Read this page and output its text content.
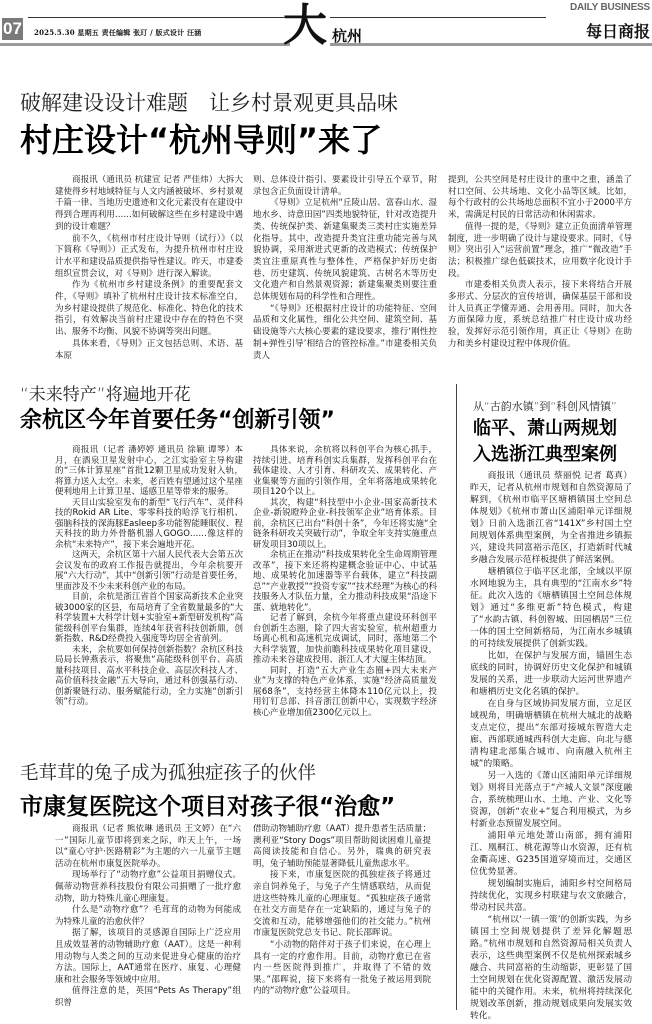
07 2025.5.30 星期五 责任编辑 张玎 / 版式设计 汪涵 大 杭州
DAILY BUSINESS
每日商报
破解建设设计难题　让乡村景观更具品味
村庄设计“杭州导则”来了

商报讯（通讯员 杭建宣 记者 严佳炜）大拆大建使得乡村地域特征与人文内涵被破坏、乡村景观千篇一律、当地历史遗迹和文化元素没有在建设中得到合理再利用……如何破解这些在乡村建设中遇到的设计难题？

前不久，《杭州市村庄设计导则（试行）》（以下简称《导则》）正式发布，为提升杭州市村庄设计水平和建设品质提供指导性建议。昨天，市建委组织宣贯会议，对《导则》进行深入解读。

作为《杭州市乡村建设条例》的重要配套文件，《导则》填补了杭州村庄设计技术标准空白，为乡村建设提供了规范化、标准化、特色化的技术指引，有效解决当前村庄建设中存在的特色不突出、服务不均衡、风貌不协调等突出问题。

具体来看，《导则》正文包括总则、术语、基本原

则、总体设计指引、要素设计引导五个章节，附录包含正负面设计清单。

《导则》立足杭州“丘陵山居、富春山水、湿地水乡、诗意田园”四类地貌特征，针对改造提升类、传统保护类、新建集聚类三类村庄实施差异化指导。其中，改造提升类宜注重功能完善与风貌协调，采用渐进式更新的改造模式；传统保护类宜注重原真性与整体性，严格保护好历史街巷、历史建筑、传统风貌建筑、古树名木等历史文化遗产和自然景观资源；新建集聚类则要注重总体规划布局的科学性和合理性。

“《导则》还根据村庄设计的功能特征、空间品质和文化属性，细化公共空间、建筑空间、基础设施等六大核心要素的建设要求，推行‘刚性控制+弹性引导’相结合的管控标准。”市建委相关负责人

提到，公共空间是村庄设计的重中之重，涵盖了村口空间、公共场地、文化小品等区域。比如，每个行政村的公共场地总面积不宜小于2000平方米，需满足村民的日常活动和休闲需求。

值得一提的是，《导则》建立正负面清单管理制度，进一步明确了设计与建设要求。同时，《导则》突出引入“运营前置”理念，推广“微改造”手法；积极推广绿色低碳技术，应用数字化设计手段。

市建委相关负责人表示，接下来将结合开展多形式、分层次的宣传培训，确保基层干部和设计人员真正学懂弄通、会用善用。同时，加大各方面保障力度，系统总结推广村庄设计成功经验，发挥好示范引领作用，真正让《导则》在助力和美乡村建设过程中体现价值。

“未来特产”将遍地开花
余杭区今年首要任务“创新引领”

商报讯（记者 潘婷婷 通讯员 徐颖 谭琴）本月，在酒泉卫星发射中心，之江实验室主导构建的“三体计算星座”首批12颗卫星成功发射入轨，将算力送入太空。未来，老百姓有望通过这个星座便利地用上计算卫星、遥感卫星等带来的服务。

天目山实验室发布的新型“飞行汽车”、灵伴科技的Rokid AR Lite、零零科技的哈浮飞行相机、强脑科技的深海豚Easleep多功能智能睡眠仪、程天科技的助力外骨骼机器人GOGO……像这样的余杭“未来特产”，接下来会遍地开花。

这两天，余杭区第十六届人民代表大会第五次会议发布的政府工作报告就提出，今年余杭要开展“六大行动”，其中“创新引领”行动是首要任务，里面涉及不少未来科创产业的布局。

目前，余杭是浙江省首个国家高新技术企业突破3000家的区县，布局培育了全省数量最多的“大科学装置+大科学计划+实验室+新型研发机构”高能级科创平台集群，连续4年获省科技创新鼎，创新指数、R&D经费投入强度等均居全省前列。

未来，余杭要如何保持创新指数？余杭区科技局局长钟燕表示，将聚焦“高能级科创平台、高质量科技项目、高水平科技企业、高层次科技人才、高价值科技金融”五大导向，通过科创强基行动、创新聚链行动、服务赋能行动，全力实施“创新引领”行动。

具体来说，余杭将以科创平台为核心抓手，持续引进、培育科创实兵集群，发挥科创平台在载体建设、人才引育、科研攻关、成果转化、产业集聚等方面的引领作用，全年将落地成果转化项目120个以上。

其次，构建“科技型中小企业-国家高新技术企业-新锐瞪羚企业-科技领军企业”培育体系。目前，余杭区已出台“科创十条”，今年还将实施“全链条科研攻关突破行动”，争取全年支持实施重点研发项目30项以上。

余杭正在推动“科技成果转化全生命周期管理改革”，接下来还将构建概念验证中心、中试基地、成果转化加速器等平台载体，建立“科技副总”“产业教授”“投资专家”“技术经理”为核心的科技服务人才队伍力量，全力推动科技成果“沿途下蛋、就地转化”。

记者了解到，余杭今年将重点建设环科创平台创新生态圈，除了四大省实验室，杭州超重力场离心机和高速机完成调试，同时，落地第二个大科学装置，加快前瞻科技成果转化项目建设，推动未来谷建成投用、浙江人才大厦主体结顶。

同时，打造“五大产业生态圈+四大未来产业”为支撑的特色产业体系，实施“经济高质量发展68条”，支持经营主体降本110亿元以上，投用钉钉总部、抖音浙江创新中心，实现数字经济核心产业增加值2300亿元以上。

从“古韵水镇”到“科创风情镇”
临平、萧山两规划
入选浙江典型案例

商报讯（通讯员 蔡丽悦 记者 葛真）昨天，记者从杭州市规划和自然资源局了解到，《杭州市临平区塘栖镇国土空间总体规划》《杭州市萧山区浦阳单元详细规划》日前入选浙江省“141X”乡村国土空间规划体系典型案例，为全省推进乡镇振兴，建设共同富裕示范区，打造新时代城乡融合发展示范样板提供了鲜活案例。

塘栖镇位于临平区北部，全域以平原水网地貌为主，具有典型的“江南水乡”特征。此次入选的《塘栖镇国土空间总体规划》通过“多维更新”特色模式，构建了“水韵古镇、科创智城、田园栖居”三位一体的国土空间新格局，为江南水乡城镇的可持续发展提供了创新实践。

比如，在保护与发展方面，锚固生态底线的同时，协调好历史文化保护和城镇发展的关系，进一步联动大运河世界遗产和塘栖历史文化名镇的保护。

在自身与区域协同发展方面，立足区域视角，明确塘栖镇在杭州大城北的战略支点定位，提出“东部对接城东智造大走廊、西部联通城西科创大走廊、向北与德清构建北部集合城市、向南融入杭州主城”的策略。

另一入选的《萧山区浦阳单元详细规划》则将目光落点于“产城人文景”深度融合，系统梳理山水、土地、产业、文化等资源，创新“农业+”复合利用模式，为乡村新业态预留发展空间。

浦阳单元地处萧山南部，拥有浦阳江、凰桐江、桃花源等山水资源，还有杭金衢高速、G235国道穿境而过，交通区位优势显著。

规划编制实施后，浦阳乡村空间格局持续优化，实现乡村联建与农文旅融合，带动村民共富。

“杭州以‘一镇一策’的创新实践，为乡镇国土空间规划提供了差异化解题思路。”杭州市规划和自然资源局相关负责人表示，这些典型案例不仅是杭州探索城乡融合、共同富裕的生动缩影，更彰显了国土空间规划在优化资源配置、激活发展动能中的关键作用。未来，杭州将持续深化规划改革创新，推动规划成果向发展实效转化。

毛茸茸的兔子成为孤独症孩子的伙伴
市康复医院这个项目对孩子很“治愈”

商报讯（记者 熊依琳 通讯员 王文婷）在“六一”国际儿童节即将到来之际，昨天上午，一场以“童心守护·医路精彩”为主题的六一儿童节主题活动在杭州市康复医院举办。

现场举行了“动物疗愈”公益项目捐赠仪式。佩蒂动物营养科技股份有限公司捐赠了一批疗愈动物，助力特殊儿童心理康复。

什么是“动物疗愈”？毛茸茸的动物为何能成为特殊儿童的治愈伙伴？

据了解，该项目的灵感源自国际上广泛应用且成效显著的动物辅助疗愈（AAT）。这是一种利用动物与人类之间的互动来促进身心健康的治疗方法。国际上，AAT通常在医疗、康复、心理健康和社会服务等领域中应用。

值得注意的是，英国“Pets As Therapy”组织曾

借助动物辅助疗愈（AAT）提升患者生活质量；澳利亚“Story Dogs”项目帮助阅读困难儿童提高阅读技能和自信心。另外，瑞典的研究表明，兔子辅助预能显著降低儿童焦虑水平。

接下来，市康复医院的孤独症孩子将通过亲自饲养兔子，与兔子产生情感联结，从而促进这些特殊儿童的心理康复。“孤独症孩子通常在社交方面是存在一定缺陷的，通过与兔子的交流和互动，能够增强他们的社交能力。”杭州市康复医院党总支书记、院长邵晖说。

“小动物的陪伴对于孩子们来说，在心理上具有一定的疗愈作用。目前，动物疗愈已在省内一些医院得到推广，并取得了不错的效果。”邵晖说，接下来将有一批兔子被运用到院内的“动物疗愈”公益项目。
